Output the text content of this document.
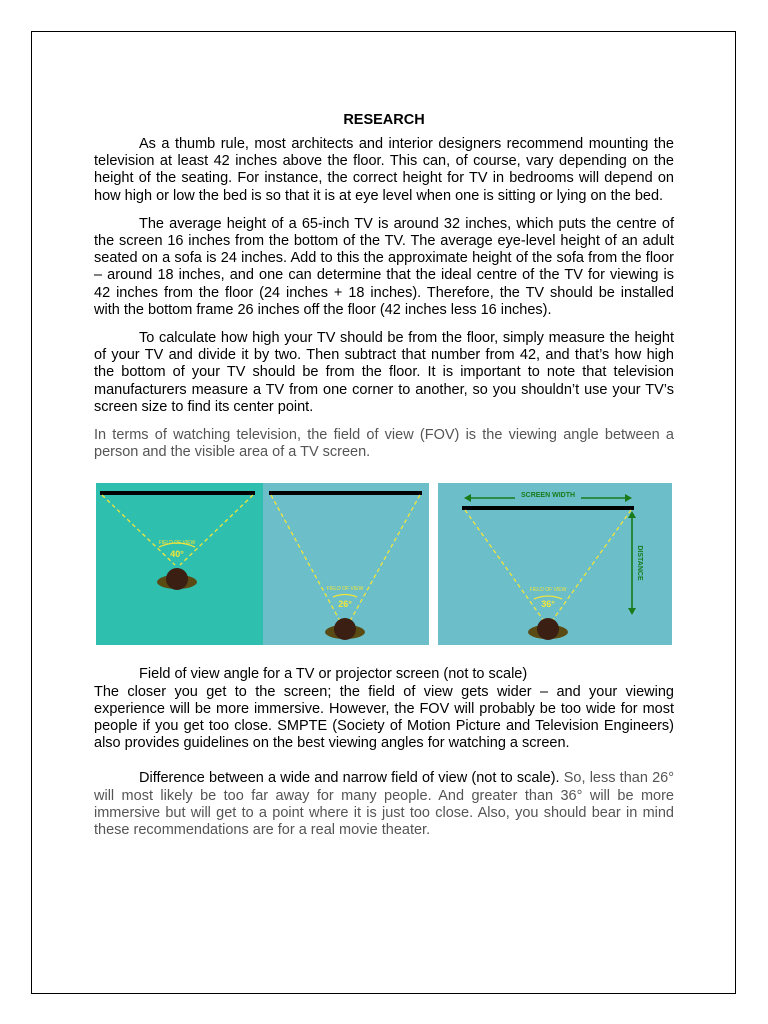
RESEARCH

As a thumb rule, most architects and interior designers recommend mounting the television at least 42 inches above the floor. This can, of course, vary depending on the height of the seating. For instance, the correct height for TV in bedrooms will depend on how high or low the bed is so that it is at eye level when one is sitting or lying on the bed.

The average height of a 65-inch TV is around 32 inches, which puts the centre of the screen 16 inches from the bottom of the TV. The average eye-level height of an adult seated on a sofa is 24 inches. Add to this the approximate height of the sofa from the floor – around 18 inches, and one can determine that the ideal centre of the TV for viewing is 42 inches from the floor (24 inches + 18 inches). Therefore, the TV should be installed with the bottom frame 26 inches off the floor (42 inches less 16 inches).

To calculate how high your TV should be from the floor, simply measure the height of your TV and divide it by two. Then subtract that number from 42, and that’s how high the bottom of your TV should be from the floor. It is important to note that television manufacturers measure a TV from one corner to another, so you shouldn’t use your TV’s screen size to find its center point.

In terms of watching television, the field of view (FOV) is the viewing angle between a person and the visible area of a TV screen.

FIELD OF VIEW
40°
FIELD OF VIEW
26°
SCREEN WIDTH
DISTANCE
FIELD OF VIEW
36°

Field of view angle for a TV or projector screen (not to scale)

The closer you get to the screen; the field of view gets wider – and your viewing experience will be more immersive. However, the FOV will probably be too wide for most people if you get too close. SMPTE (Society of Motion Picture and Television Engineers) also provides guidelines on the best viewing angles for watching a screen.

Difference between a wide and narrow field of view (not to scale). So, less than 26° will most likely be too far away for many people. And greater than 36° will be more immersive but will get to a point where it is just too close. Also, you should bear in mind these recommendations are for a real movie theater.
